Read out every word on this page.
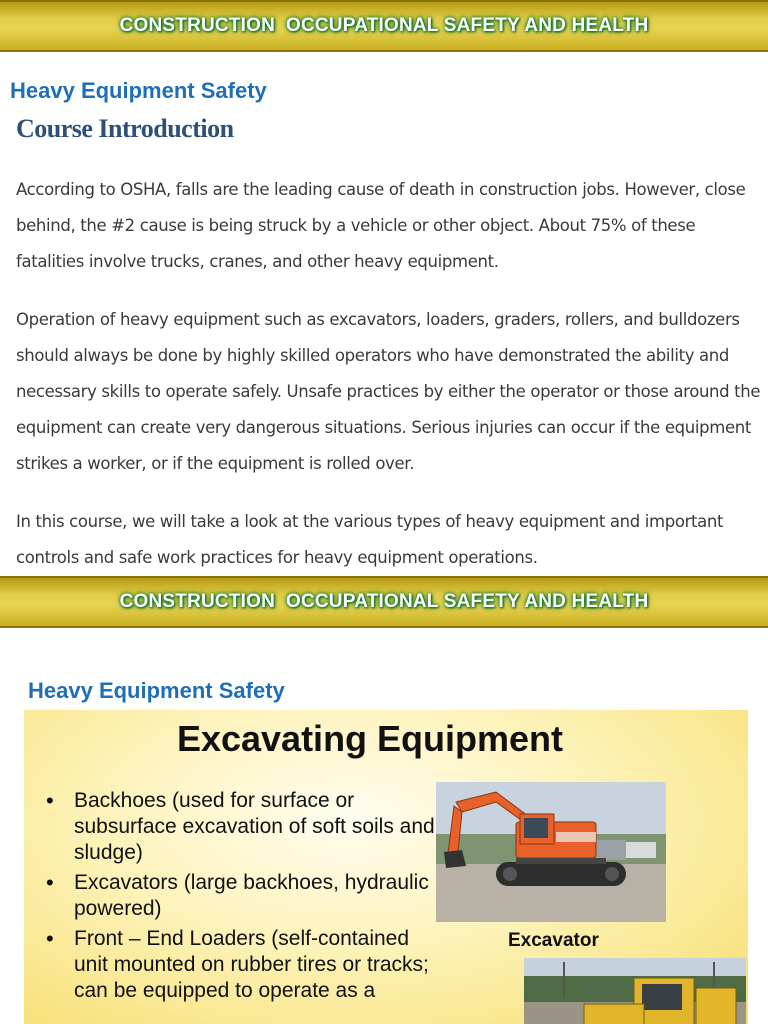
CONSTRUCTION  OCCUPATIONAL SAFETY AND HEALTH
Heavy Equipment Safety
Course Introduction

According to OSHA, falls are the leading cause of death in construction jobs. However, close behind, the #2 cause is being struck by a vehicle or other object. About 75% of these fatalities involve trucks, cranes, and other heavy equipment.

Operation of heavy equipment such as excavators, loaders, graders, rollers, and bulldozers should always be done by highly skilled operators who have demonstrated the ability and necessary skills to operate safely. Unsafe practices by either the operator or those around the equipment can create very dangerous situations. Serious injuries can occur if the equipment strikes a worker, or if the equipment is rolled over.

In this course, we will take a look at the various types of heavy equipment and important controls and safe work practices for heavy equipment operations.

CONSTRUCTION  OCCUPATIONAL SAFETY AND HEALTH
Heavy Equipment Safety
Excavating Equipment
• Backhoes (used for surface or subsurface excavation of soft soils and sludge)
• Excavators (large backhoes, hydraulic powered)
• Front – End Loaders (self-contained unit mounted on rubber tires or tracks; can be equipped to operate as a
Excavator
